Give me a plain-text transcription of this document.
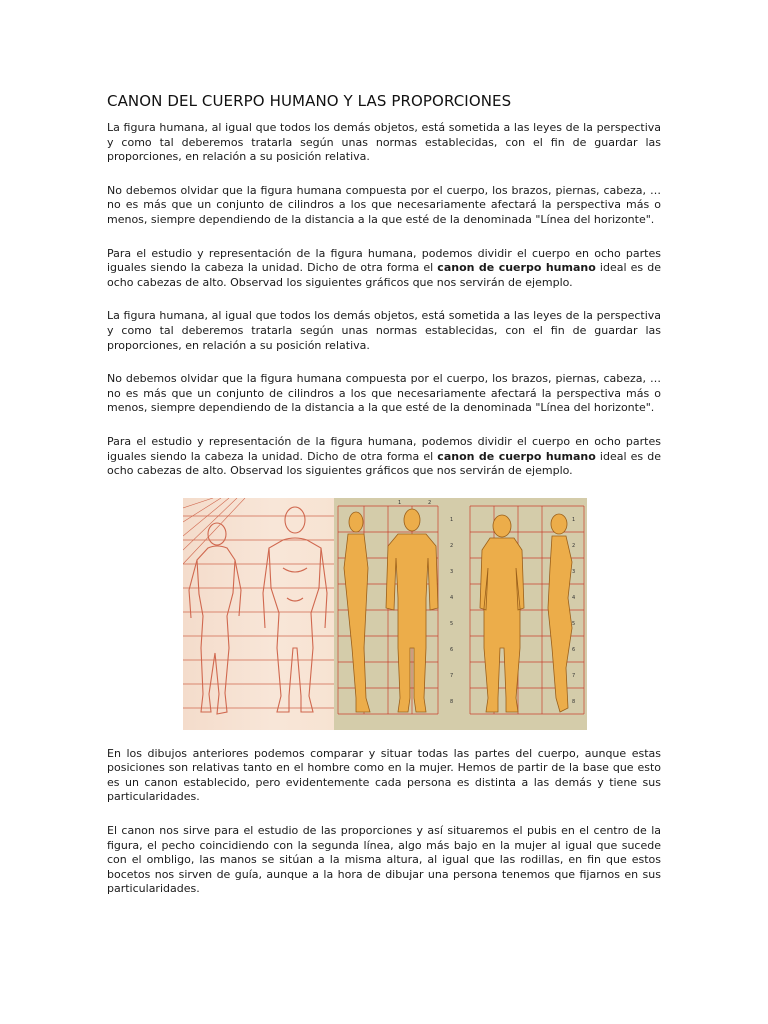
CANON DEL CUERPO HUMANO Y LAS PROPORCIONES

La figura humana, al igual que todos los demás objetos, está sometida a las leyes de la perspectiva y como tal deberemos tratarla según unas normas establecidas, con el fin de guardar las proporciones, en relación a su posición relativa.

No debemos olvidar que la figura humana compuesta por el cuerpo, los brazos, piernas, cabeza, … no es más que un conjunto de cilindros a los que necesariamente afectará la perspectiva más o menos, siempre dependiendo de la distancia a la que esté de la denominada "Línea del horizonte".

Para el estudio y representación de la figura humana, podemos dividir el cuerpo en ocho partes iguales siendo la cabeza la unidad. Dicho de otra forma el canon de cuerpo humano ideal es de ocho cabezas de alto. Observad los siguientes gráficos que nos servirán de ejemplo.

La figura humana, al igual que todos los demás objetos, está sometida a las leyes de la perspectiva y como tal deberemos tratarla según unas normas establecidas, con el fin de guardar las proporciones, en relación a su posición relativa.

No debemos olvidar que la figura humana compuesta por el cuerpo, los brazos, piernas, cabeza, … no es más que un conjunto de cilindros a los que necesariamente afectará la perspectiva más o menos, siempre dependiendo de la distancia a la que esté de la denominada "Línea del horizonte".

Para el estudio y representación de la figura humana, podemos dividir el cuerpo en ocho partes iguales siendo la cabeza la unidad. Dicho de otra forma el canon de cuerpo humano ideal es de ocho cabezas de alto. Observad los siguientes gráficos que nos servirán de ejemplo.

1	2
1	1
2	2
3	3
4	4
5	5
6	6
7	7
8	8

En los dibujos anteriores podemos comparar y situar todas las partes del cuerpo, aunque estas posiciones son relativas tanto en el hombre como en la mujer. Hemos de partir de la base que esto es un canon establecido, pero evidentemente cada persona es distinta a las demás y tiene sus particularidades.

El canon nos sirve para el estudio de las proporciones y así situaremos el pubis en el centro de la figura, el pecho coincidiendo con la segunda línea, algo más bajo en la mujer al igual que sucede con el ombligo, las manos se sitúan a la misma altura, al igual que las rodillas, en fin que estos bocetos nos sirven de guía, aunque a la hora de dibujar una persona tenemos que fijarnos en sus particularidades.
